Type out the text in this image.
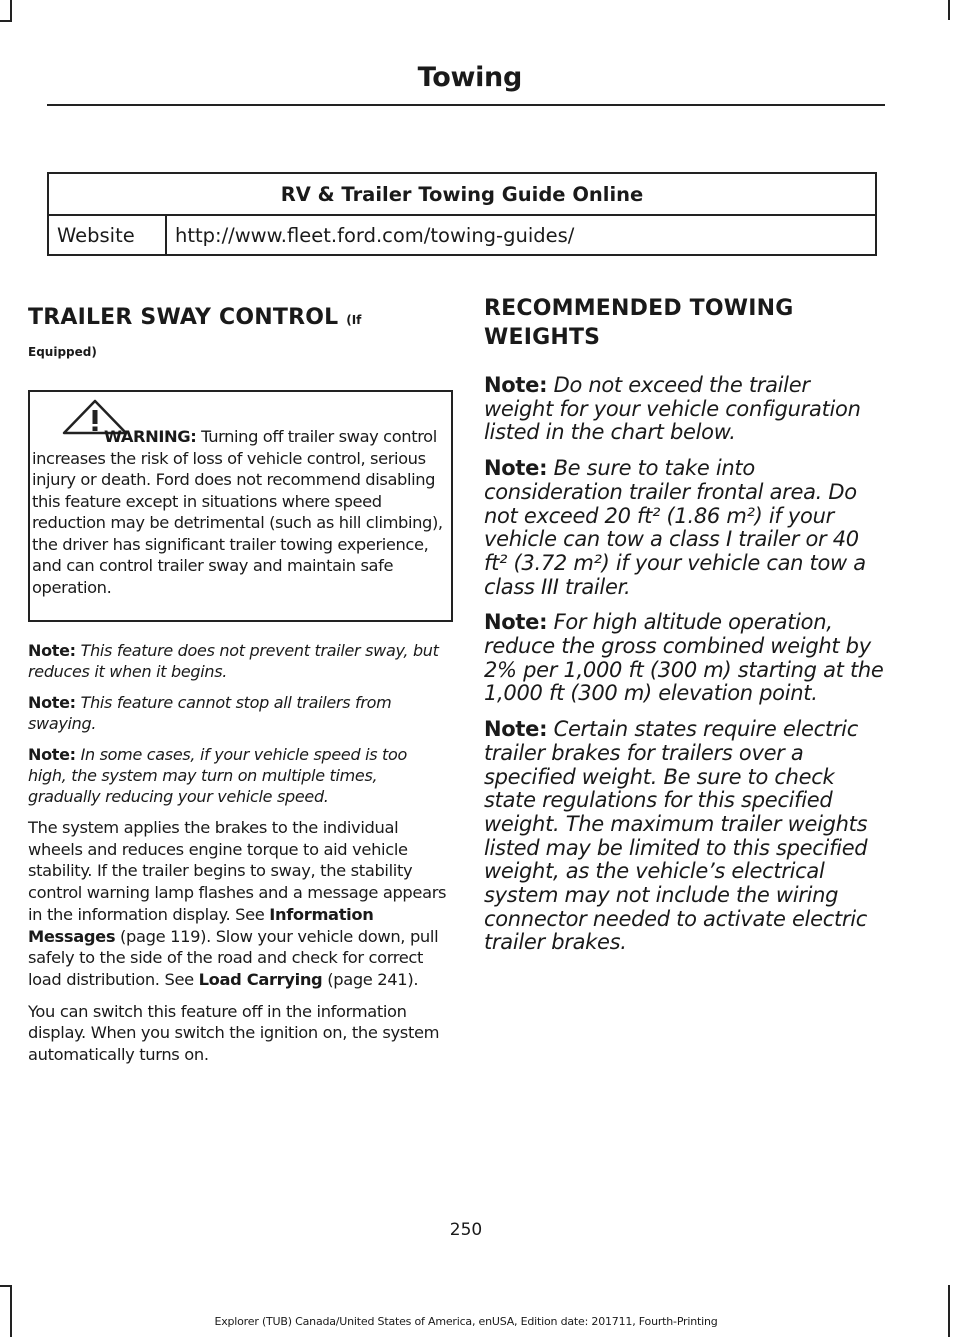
Towing
RV & Trailer Towing Guide Online
Website	http://www.fleet.ford.com/towing-guides/
TRAILER SWAY CONTROL (If
Equipped)
WARNING: Turning off trailer sway control increases the risk of loss of vehicle control, serious injury or death. Ford does not recommend disabling this feature except in situations where speed reduction may be detrimental (such as hill climbing), the driver has significant trailer towing experience, and can control trailer sway and maintain safe operation.

Note: This feature does not prevent trailer sway, but reduces it when it begins.

Note: This feature cannot stop all trailers from swaying.

Note: In some cases, if your vehicle speed is too high, the system may turn on multiple times, gradually reducing your vehicle speed.

The system applies the brakes to the individual wheels and reduces engine torque to aid vehicle stability. If the trailer begins to sway, the stability control warning lamp flashes and a message appears in the information display. See Information Messages (page 119). Slow your vehicle down, pull safely to the side of the road and check for correct load distribution. See Load Carrying (page 241).

You can switch this feature off in the information display. When you switch the ignition on, the system automatically turns on.

RECOMMENDED TOWING
WEIGHTS

Note: Do not exceed the trailer weight for your vehicle configuration listed in the chart below.

Note: Be sure to take into consideration trailer frontal area. Do not exceed 20 ft² (1.86 m²) if your vehicle can tow a class I trailer or 40 ft² (3.72 m²) if your vehicle can tow a class III trailer.

Note: For high altitude operation, reduce the gross combined weight by 2% per 1,000 ft (300 m) starting at the 1,000 ft (300 m) elevation point.

Note: Certain states require electric trailer brakes for trailers over a specified weight. Be sure to check state regulations for this specified weight. The maximum trailer weights listed may be limited to this specified weight, as the vehicle’s electrical system may not include the wiring connector needed to activate electric trailer brakes.

250
Explorer (TUB) Canada/United States of America, enUSA, Edition date: 201711, Fourth-Printing
